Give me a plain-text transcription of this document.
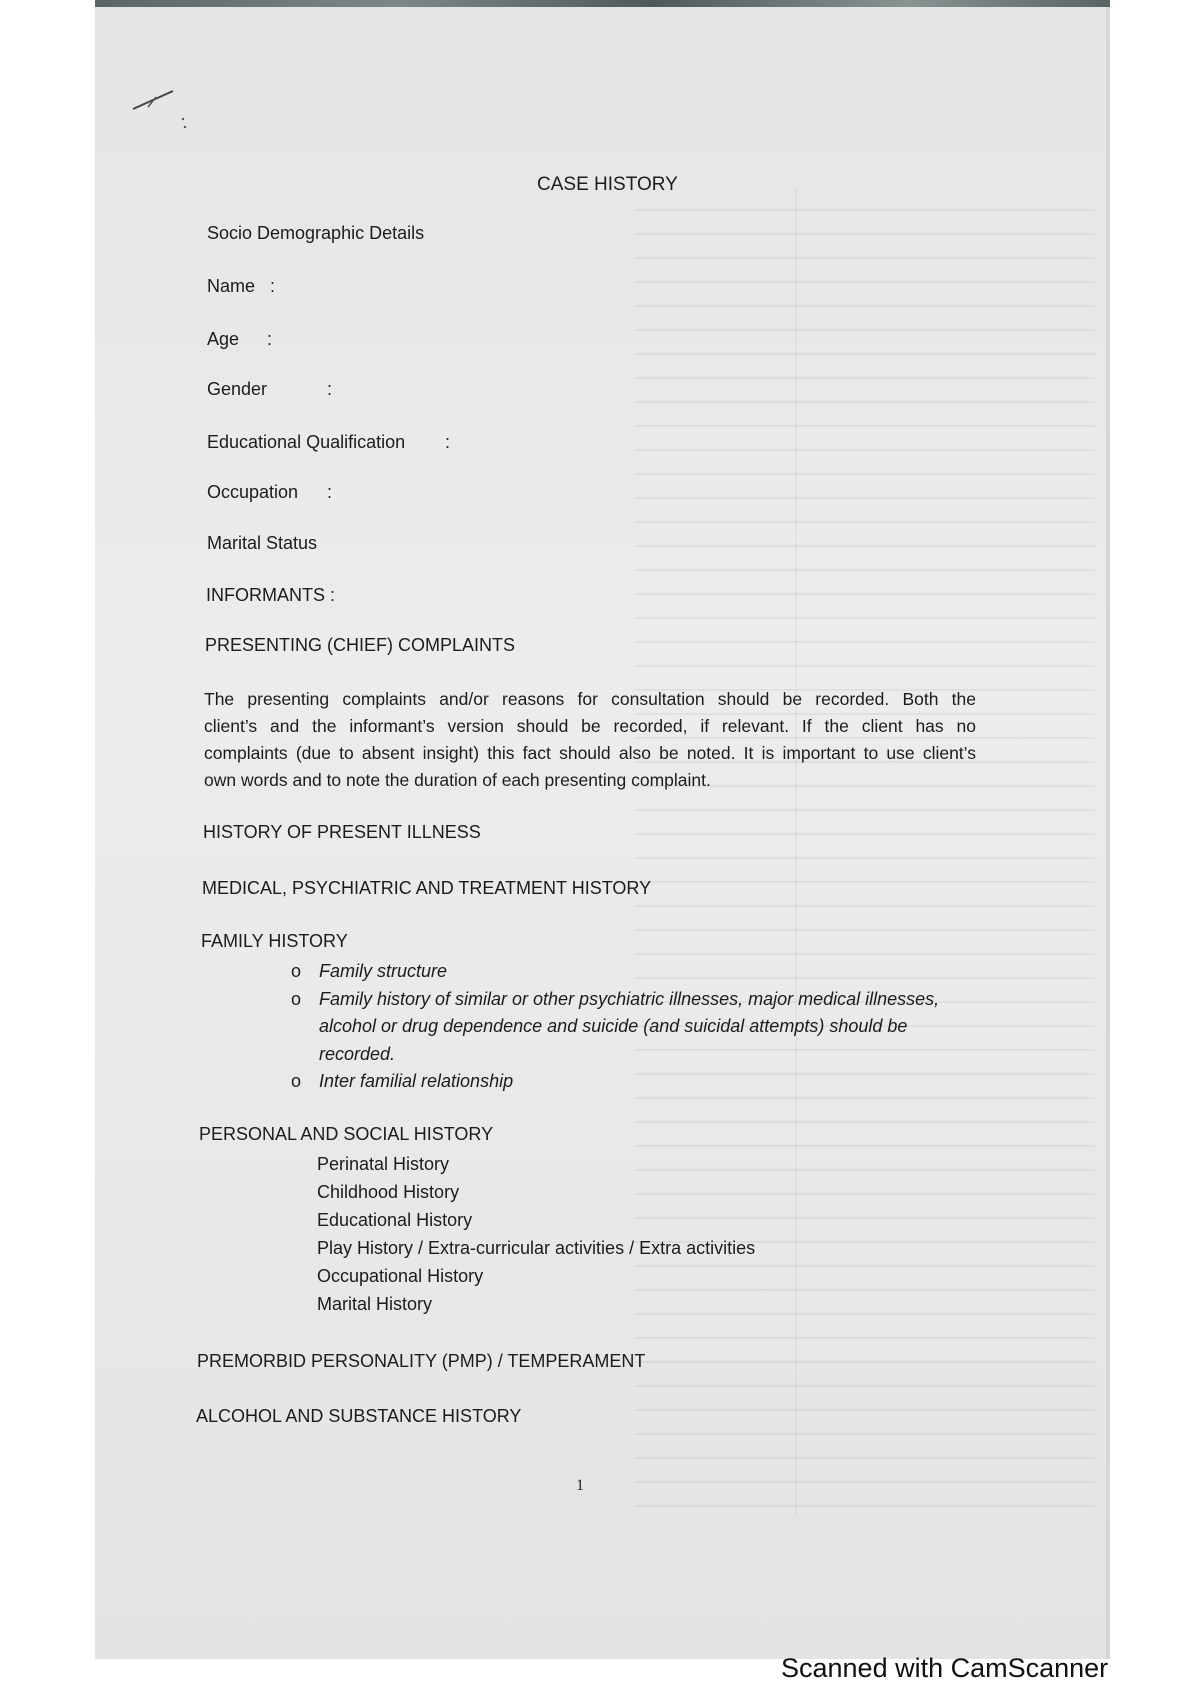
CASE HISTORY
Socio Demographic Details
Name :
Age :
Gender	:
Educational Qualification :
Occupation :
Marital Status
INFORMANTS :
PRESENTING (CHIEF) COMPLAINTS
The presenting complaints and/or reasons for consultation should be recorded. Both the
client’s and the informant’s version should be recorded, if relevant. If the client has no
complaints (due to absent insight) this fact should also be noted. It is important to use client’s
own words and to note the duration of each presenting complaint.
HISTORY OF PRESENT ILLNESS
MEDICAL, PSYCHIATRIC AND TREATMENT HISTORY
FAMILY HISTORY
o Family structure
o Family history of similar or other psychiatric illnesses, major medical illnesses,
alcohol or drug dependence and suicide (and suicidal attempts) should be
recorded.
o Inter familial relationship
PERSONAL AND SOCIAL HISTORY
Perinatal History
Childhood History
Educational History
Play History / Extra-curricular activities / Extra activities
Occupational History
Marital History
PREMORBID PERSONALITY (PMP) / TEMPERAMENT
ALCOHOL AND SUBSTANCE HISTORY
1
Scanned with CamScanner
